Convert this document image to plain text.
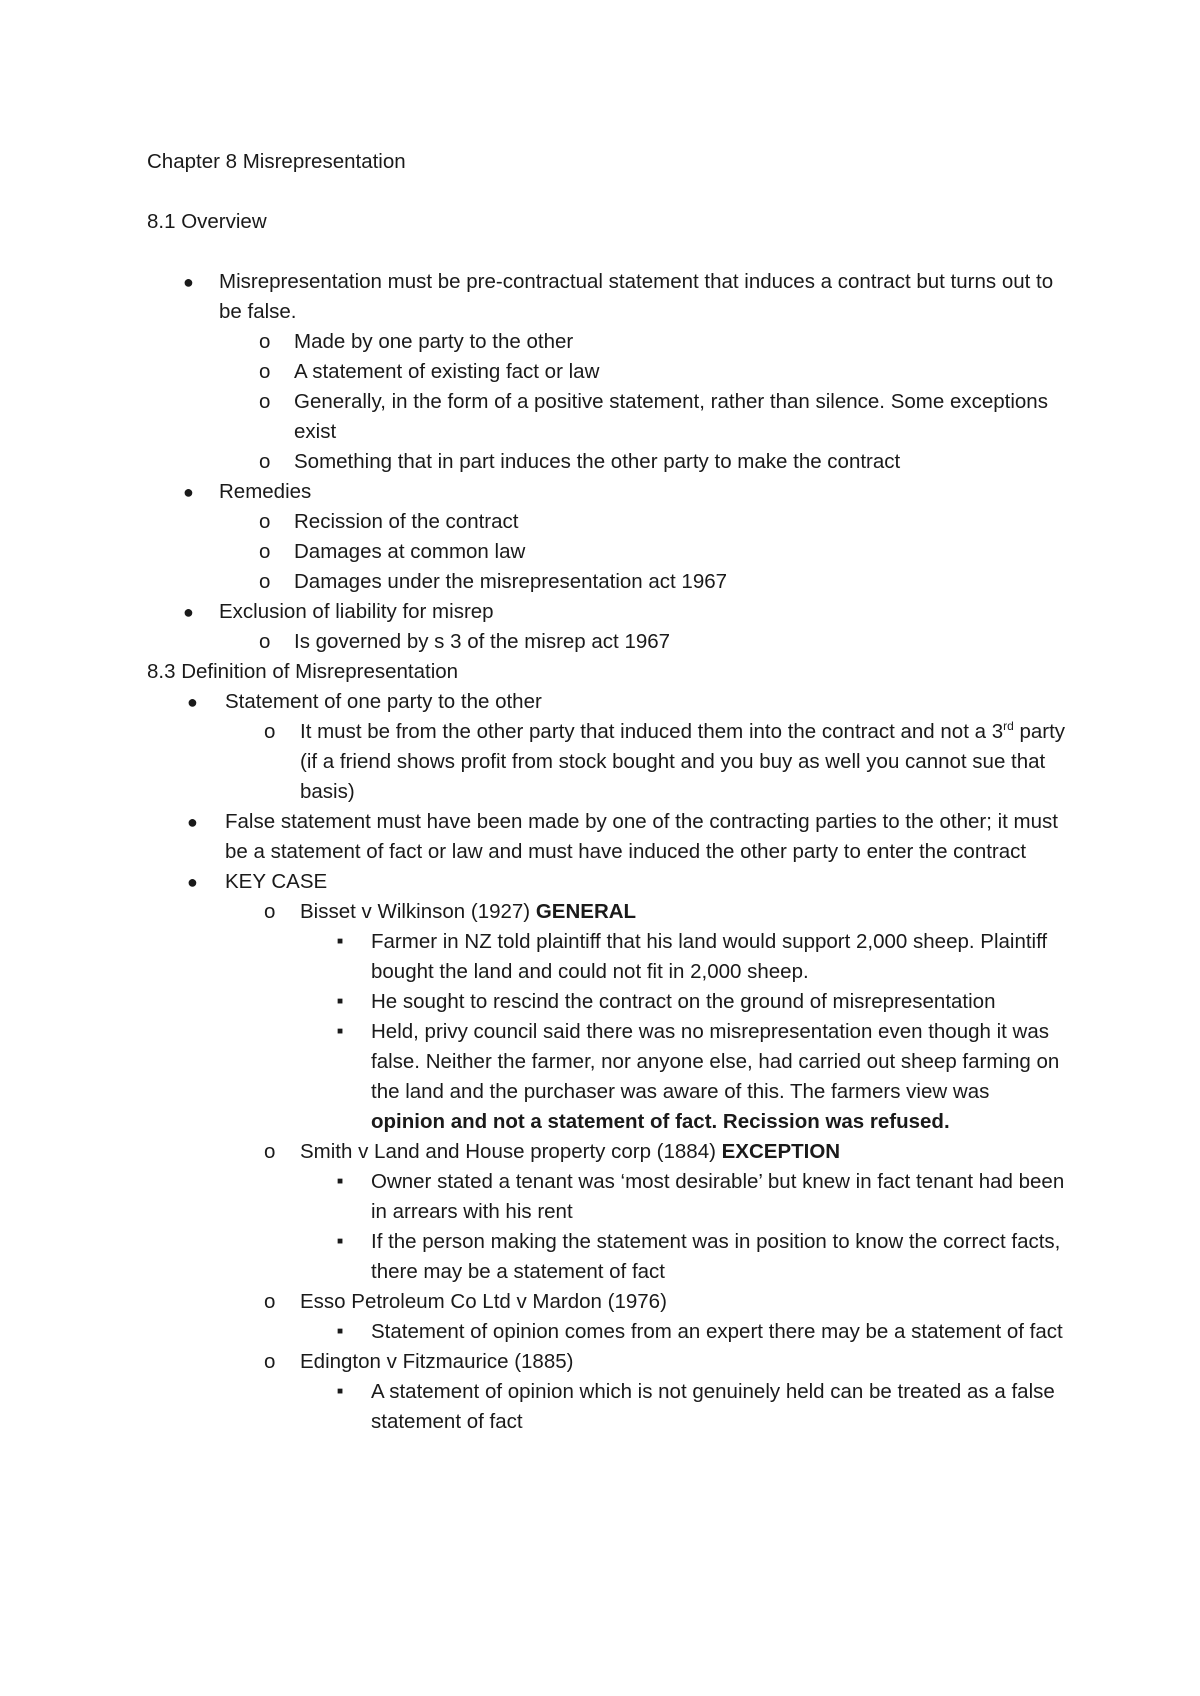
Chapter 8 Misrepresentation

8.1 Overview

● Misrepresentation must be pre-contractual statement that induces a contract but turns out to be false.
o Made by one party to the other
o A statement of existing fact or law
o Generally, in the form of a positive statement, rather than silence. Some exceptions exist
o Something that in part induces the other party to make the contract
● Remedies
o Recission of the contract
o Damages at common law
o Damages under the misrepresentation act 1967
● Exclusion of liability for misrep
o Is governed by s 3 of the misrep act 1967

8.3 Definition of Misrepresentation

● Statement of one party to the other
o It must be from the other party that induced them into the contract and not a 3rd party (if a friend shows profit from stock bought and you buy as well you cannot sue that basis)
● False statement must have been made by one of the contracting parties to the other; it must be a statement of fact or law and must have induced the other party to enter the contract
● KEY CASE
o Bisset v Wilkinson (1927) GENERAL
■ Farmer in NZ told plaintiff that his land would support 2,000 sheep. Plaintiff bought the land and could not fit in 2,000 sheep.
■ He sought to rescind the contract on the ground of misrepresentation
■ Held, privy council said there was no misrepresentation even though it was false. Neither the farmer, nor anyone else, had carried out sheep farming on the land and the purchaser was aware of this. The farmers view was opinion and not a statement of fact. Recission was refused.
o Smith v Land and House property corp (1884) EXCEPTION
■ Owner stated a tenant was ‘most desirable’ but knew in fact tenant had been in arrears with his rent
■ If the person making the statement was in position to know the correct facts, there may be a statement of fact
o Esso Petroleum Co Ltd v Mardon (1976)
■ Statement of opinion comes from an expert there may be a statement of fact
o Edington v Fitzmaurice (1885)
■ A statement of opinion which is not genuinely held can be treated as a false statement of fact
